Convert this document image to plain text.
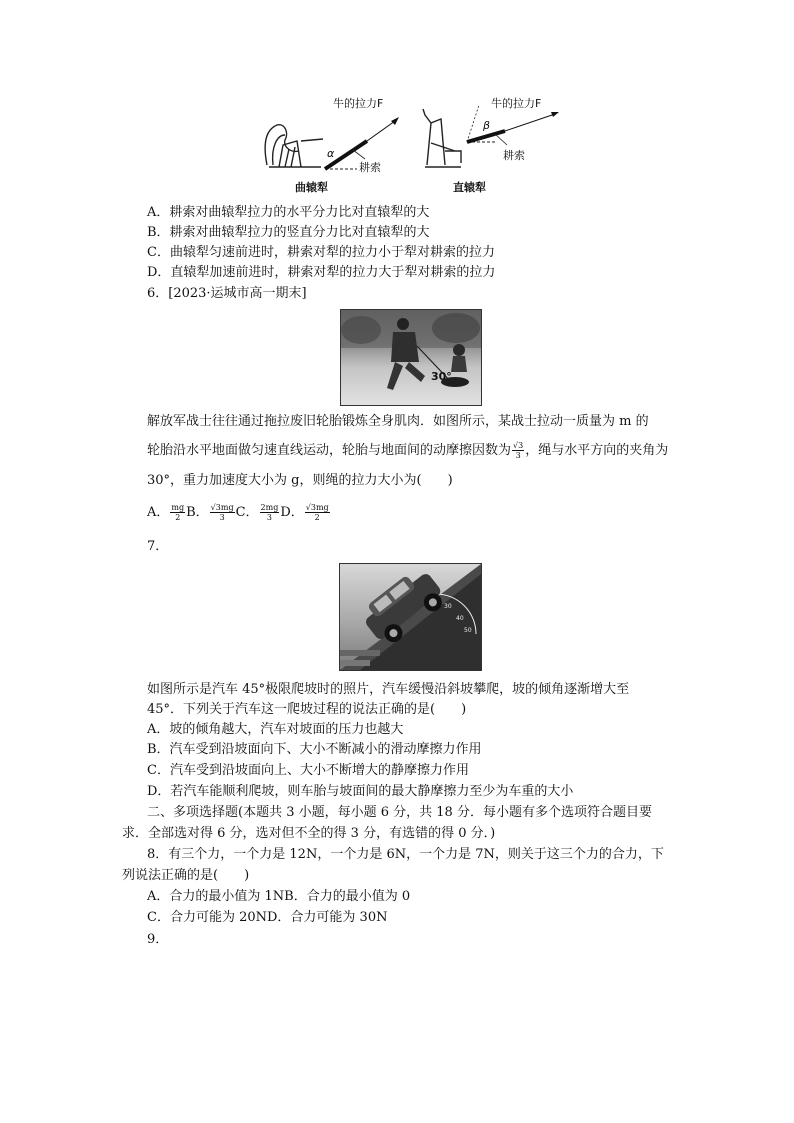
牛的拉力F	牛的拉力F
α
β
耕索
耕索
曲辕犁	直辕犁
A．耕索对曲辕犁拉力的水平分力比对直辕犁的大
B．耕索对曲辕犁拉力的竖直分力比对直辕犁的大
C．曲辕犁匀速前进时，耕索对犁的拉力小于犁对耕索的拉力
D．直辕犁加速前进时，耕索对犁的拉力大于犁对耕索的拉力
6．[2023·运城市高一期末]
30°
解放军战士往往通过拖拉废旧轮胎锻炼全身肌肉．如图所示，某战士拉动一质量为 m 的
轮胎沿水平地面做匀速直线运动，轮胎与地面间的动摩擦因数为 $\frac{√3}{3}$ ，绳与水平方向的夹角为
30°，重力加速度大小为 g，则绳的拉力大小为(　　)
A． $\frac{mg}{2}$ B． $\frac{√3mg}{3}$ C． $\frac{2mg}{3}$ D． $\frac{√3mg}{2}$
7．
30
40
50
如图所示是汽车 45°极限爬坡时的照片，汽车缓慢沿斜坡攀爬，坡的倾角逐渐增大至
45°．下列关于汽车这一爬坡过程的说法正确的是(　　)
A．坡的倾角越大，汽车对坡面的压力也越大
B．汽车受到沿坡面向下、大小不断减小的滑动摩擦力作用
C．汽车受到沿坡面向上、大小不断增大的静摩擦力作用
D．若汽车能顺利爬坡，则车胎与坡面间的最大静摩擦力至少为车重的大小
二、多项选择题(本题共 3 小题，每小题 6 分，共 18 分．每小题有多个选项符合题目要
求．全部选对得 6 分，选对但不全的得 3 分，有选错的得 0 分．)
8．有三个力，一个力是 12N，一个力是 6N，一个力是 7N，则关于这三个力的合力，下
列说法正确的是(　　)
A．合力的最小值为 1NB．合力的最小值为 0
C．合力可能为 20ND．合力可能为 30N
9．
